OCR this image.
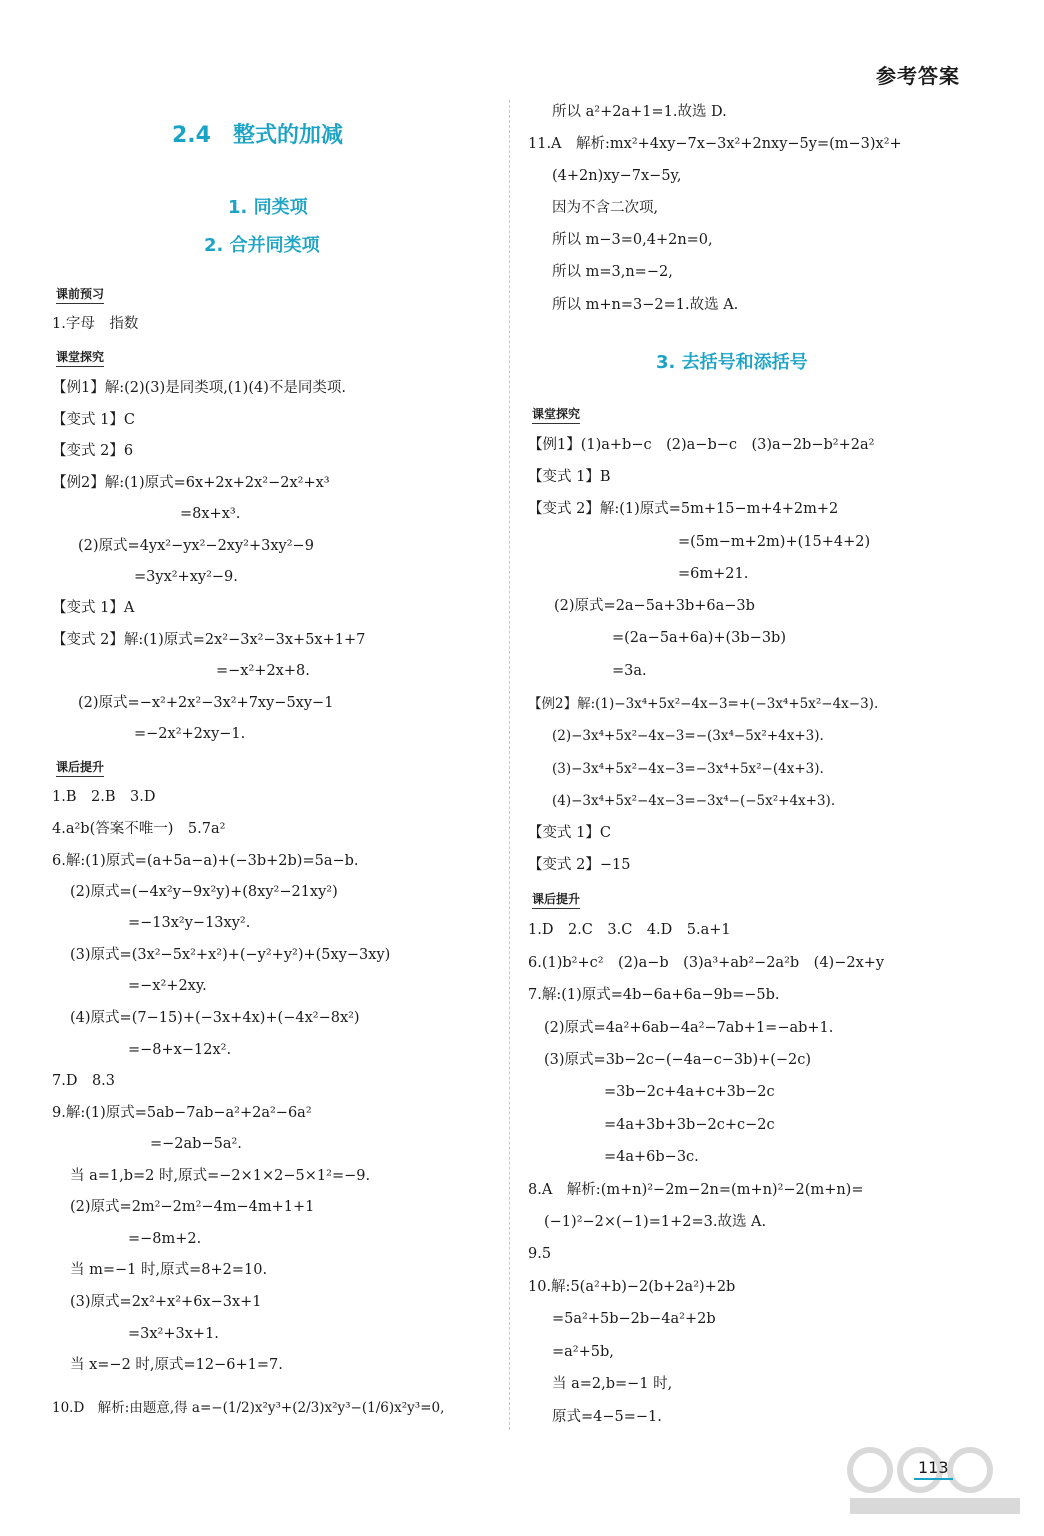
参考答案
2.4　整式的加减
1. 同类项
2. 合并同类项
课前预习
1.字母　指数
课堂探究
【例1】解:(2)(3)是同类项,(1)(4)不是同类项.
【变式 1】C
【变式 2】6
【例2】解:(1)原式=6x+2x+2x²−2x²+x³
=8x+x³.
(2)原式=4yx²−yx²−2xy²+3xy²−9
=3yx²+xy²−9.
【变式 1】A
【变式 2】解:(1)原式=2x²−3x²−3x+5x+1+7
=−x²+2x+8.
(2)原式=−x²+2x²−3x²+7xy−5xy−1
=−2x²+2xy−1.
课后提升
1.B　2.B　3.D
4.a²b(答案不唯一)　5.7a²
6.解:(1)原式=(a+5a−a)+(−3b+2b)=5a−b.
(2)原式=(−4x²y−9x²y)+(8xy²−21xy²)
=−13x²y−13xy².
(3)原式=(3x²−5x²+x²)+(−y²+y²)+(5xy−3xy)
=−x²+2xy.
(4)原式=(7−15)+(−3x+4x)+(−4x²−8x²)
=−8+x−12x².
7.D　8.3
9.解:(1)原式=5ab−7ab−a²+2a²−6a²
=−2ab−5a².
当 a=1,b=2 时,原式=−2×1×2−5×1²=−9.
(2)原式=2m²−2m²−4m−4m+1+1
=−8m+2.
当 m=−1 时,原式=8+2=10.
(3)原式=2x²+x²+6x−3x+1
=3x²+3x+1.
当 x=−2 时,原式=12−6+1=7.
10.D　解析:由题意,得 a=−(1/2)x²y³+(2/3)x²y³−(1/6)x²y³=0,
所以 a²+2a+1=1.故选 D.
11.A　解析:mx²+4xy−7x−3x²+2nxy−5y=(m−3)x²+
(4+2n)xy−7x−5y,
因为不含二次项,
所以 m−3=0,4+2n=0,
所以 m=3,n=−2,
所以 m+n=3−2=1.故选 A.
3. 去括号和添括号
课堂探究
【例1】(1)a+b−c　(2)a−b−c　(3)a−2b−b²+2a²
【变式 1】B
【变式 2】解:(1)原式=5m+15−m+4+2m+2
=(5m−m+2m)+(15+4+2)
=6m+21.
(2)原式=2a−5a+3b+6a−3b
=(2a−5a+6a)+(3b−3b)
=3a.
【例2】解:(1)−3x⁴+5x²−4x−3=+(−3x⁴+5x²−4x−3).
(2)−3x⁴+5x²−4x−3=−(3x⁴−5x²+4x+3).
(3)−3x⁴+5x²−4x−3=−3x⁴+5x²−(4x+3).
(4)−3x⁴+5x²−4x−3=−3x⁴−(−5x²+4x+3).
【变式 1】C
【变式 2】−15
课后提升
1.D　2.C　3.C　4.D　5.a+1
6.(1)b²+c²　(2)a−b　(3)a³+ab²−2a²b　(4)−2x+y
7.解:(1)原式=4b−6a+6a−9b=−5b.
(2)原式=4a²+6ab−4a²−7ab+1=−ab+1.
(3)原式=3b−2c−(−4a−c−3b)+(−2c)
=3b−2c+4a+c+3b−2c
=4a+3b+3b−2c+c−2c
=4a+6b−3c.
8.A　解析:(m+n)²−2m−2n=(m+n)²−2(m+n)=
(−1)²−2×(−1)=1+2=3.故选 A.
9.5
10.解:5(a²+b)−2(b+2a²)+2b
=5a²+5b−2b−4a²+2b
=a²+5b,
当 a=2,b=−1 时,
原式=4−5=−1.
113
